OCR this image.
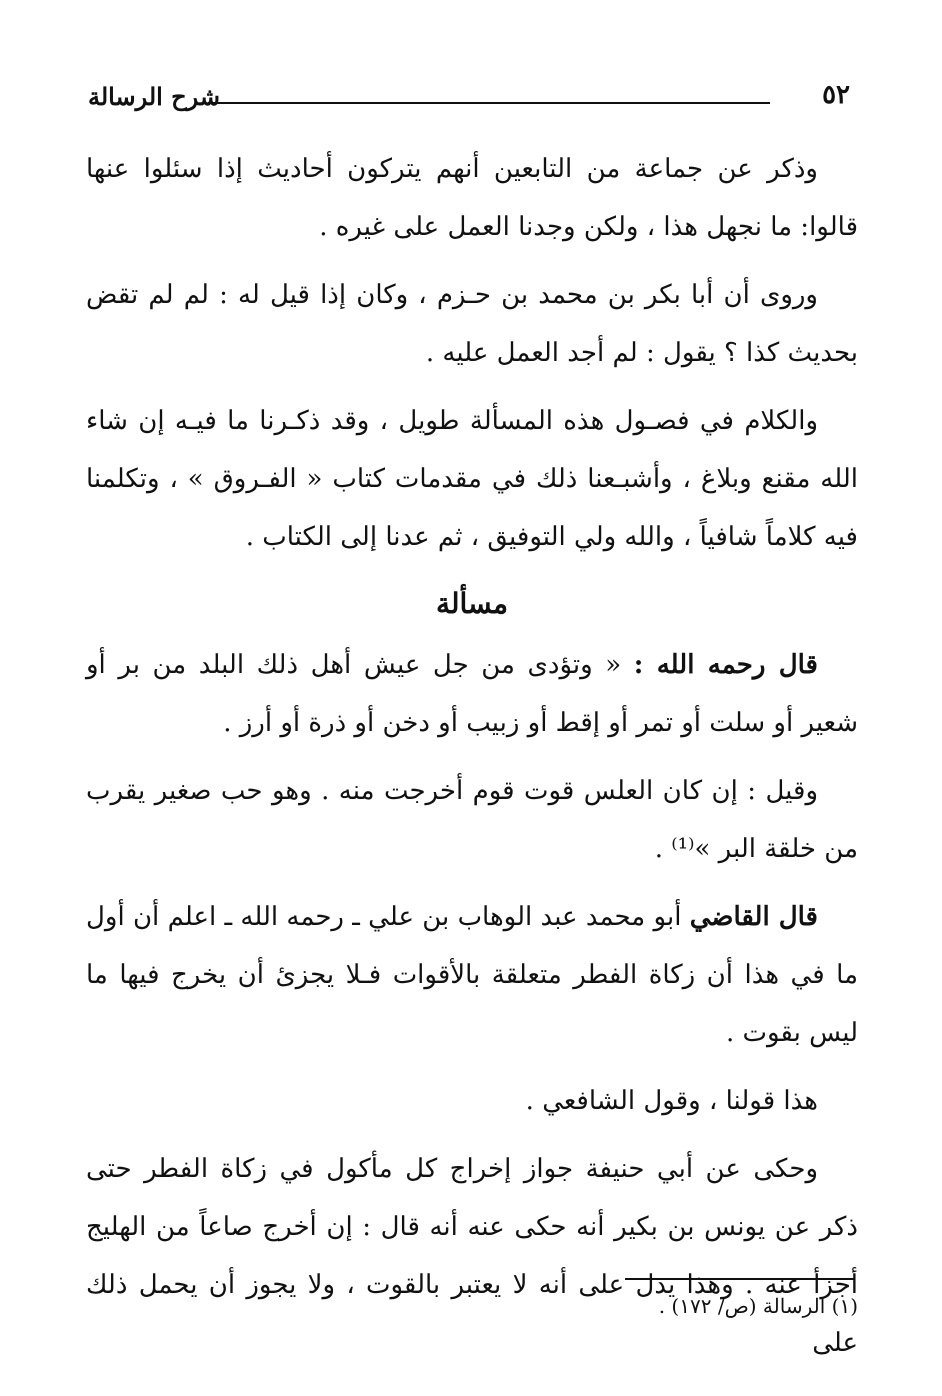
٥٢
شرح الرسالة

وذكر عن جماعة من التابعين أنهم يتركون أحاديث إذا سئلوا عنها قالوا: ما نجهل هذا ، ولكن وجدنا العمل على غيره .

وروى أن أبا بكر بن محمد بن حـزم ، وكان إذا قيل له : لم لم تقض بحديث كذا ؟ يقول : لم أجد العمل عليه .

والكلام في فصـول هذه المسألة طويل ، وقد ذكـرنا ما فيـه إن شاء الله مقنع وبلاغ ، وأشبـعنا ذلك في مقدمات كتاب « الفـروق » ، وتكلمنا فيه كلاماً شافياً ، والله ولي التوفيق ، ثم عدنا إلى الكتاب .

مسألة

قال رحمه الله : « وتؤدى من جل عيش أهل ذلك البلد من بر أو شعير أو سلت أو تمر أو إقط أو زبيب أو دخن أو ذرة أو أرز .

وقيل : إن كان العلس قوت قوم أخرجت منه . وهو حب صغير يقرب من خلقة البر »⁽¹⁾ .

قال القاضي أبو محمد عبد الوهاب بن علي ـ رحمه الله ـ اعلم أن أول ما في هذا أن زكاة الفطر متعلقة بالأقوات فـلا يجزئ أن يخرج فيها ما ليس بقوت .

هذا قولنا ، وقول الشافعي .

وحكى عن أبي حنيفة جواز إخراج كل مأكول في زكاة الفطر حتى ذكر عن يونس بن بكير أنه حكى عنه أنه قال : إن أخرج صاعاً من الهليج أجزأ عنه . وهذا يدل على أنه لا يعتبر بالقوت ، ولا يجوز أن يحمل ذلك على

(١) الرسالة (ص/ ١٧٢) .
